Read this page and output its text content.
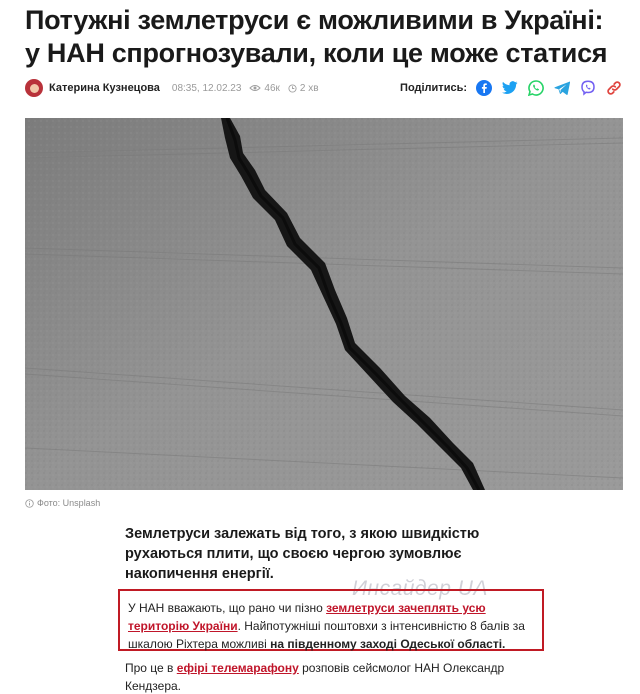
Потужні землетруси є можливими в Україні: у НАН спрогнозували, коли це може статися
Катерина Кузнецова 08:35, 12.02.23 46к 2 хв	Поділитись:
Фото: Unsplash

Землетруси залежать від того, з якою швидкістю рухаються плити, що своєю чергою зумовлює накопичення енергії.

Инсайдер UA
У НАН вважають, що рано чи пізно землетруси зачеплять усю територію України. Найпотужніші поштовхи з інтенсивністю 8 балів за шкалою Ріхтера можливі на південному заході Одеської області.

Про це в ефірі телемарафону розповів сейсмолог НАН Олександр Кендзера.
